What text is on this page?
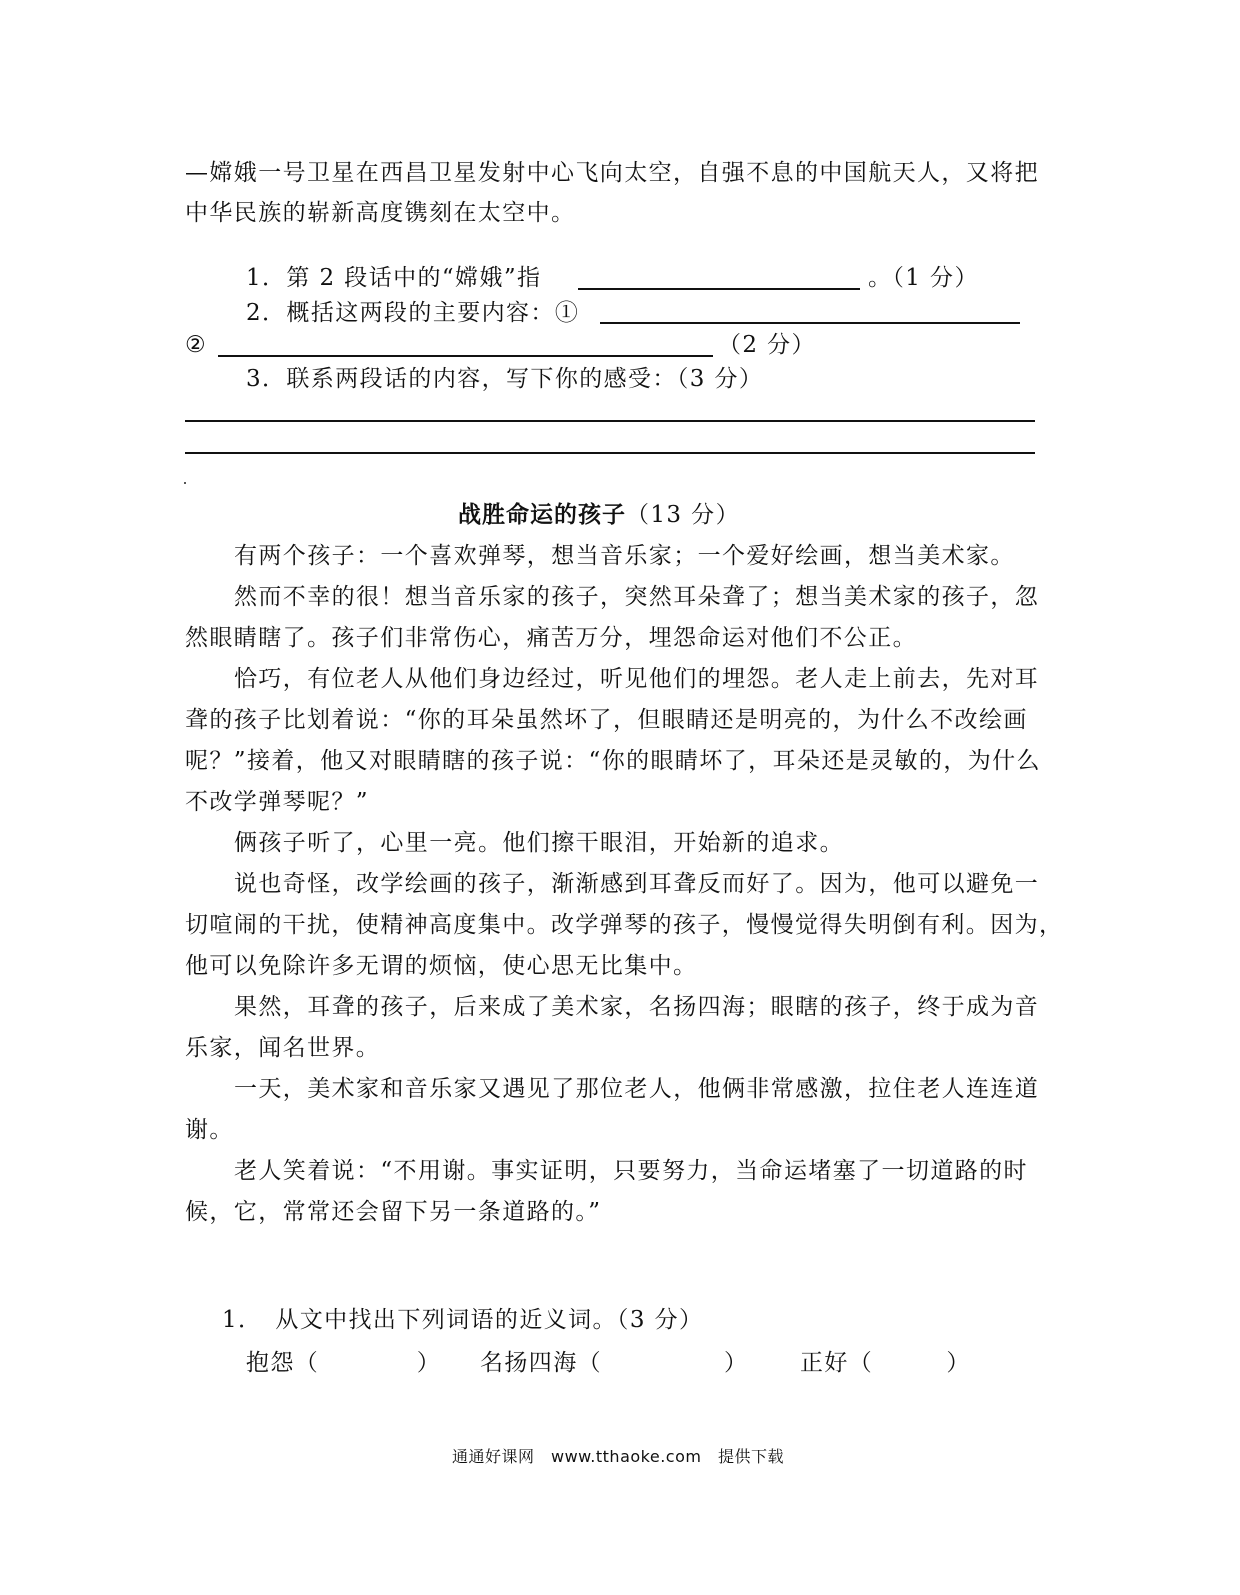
—嫦娥一号卫星在西昌卫星发射中心飞向太空，自强不息的中国航天人，又将把
中华民族的崭新高度镌刻在太空中。
1．第 2 段话中的“嫦娥”指	。（1 分）
2．概括这两段的主要内容：①
②	（2 分）
3．联系两段话的内容，写下你的感受：（3 分）
战胜命运的孩子（13 分）
有两个孩子：一个喜欢弹琴，想当音乐家；一个爱好绘画，想当美术家。
然而不幸的很！想当音乐家的孩子，突然耳朵聋了；想当美术家的孩子，忽
然眼睛瞎了。孩子们非常伤心，痛苦万分，埋怨命运对他们不公正。
恰巧，有位老人从他们身边经过，听见他们的埋怨。老人走上前去，先对耳
聋的孩子比划着说：“你的耳朵虽然坏了，但眼睛还是明亮的，为什么不改绘画
呢？”接着，他又对眼睛瞎的孩子说：“你的眼睛坏了，耳朵还是灵敏的，为什么
不改学弹琴呢？”
俩孩子听了，心里一亮。他们擦干眼泪，开始新的追求。
说也奇怪，改学绘画的孩子，渐渐感到耳聋反而好了。因为，他可以避免一
切喧闹的干扰，使精神高度集中。改学弹琴的孩子，慢慢觉得失明倒有利。因为，
他可以免除许多无谓的烦恼，使心思无比集中。
果然，耳聋的孩子，后来成了美术家，名扬四海；眼瞎的孩子，终于成为音
乐家，闻名世界。
一天，美术家和音乐家又遇见了那位老人，他俩非常感激，拉住老人连连道
谢。
老人笑着说：“不用谢。事实证明，只要努力，当命运堵塞了一切道路的时
候，它，常常还会留下另一条道路的。”
1．　从文中找出下列词语的近义词。（3 分）
抱怨（　　　　） 名扬四海（　　　　　） 正好（　　　）
通通好课网　www.tthaoke.com　提供下载
